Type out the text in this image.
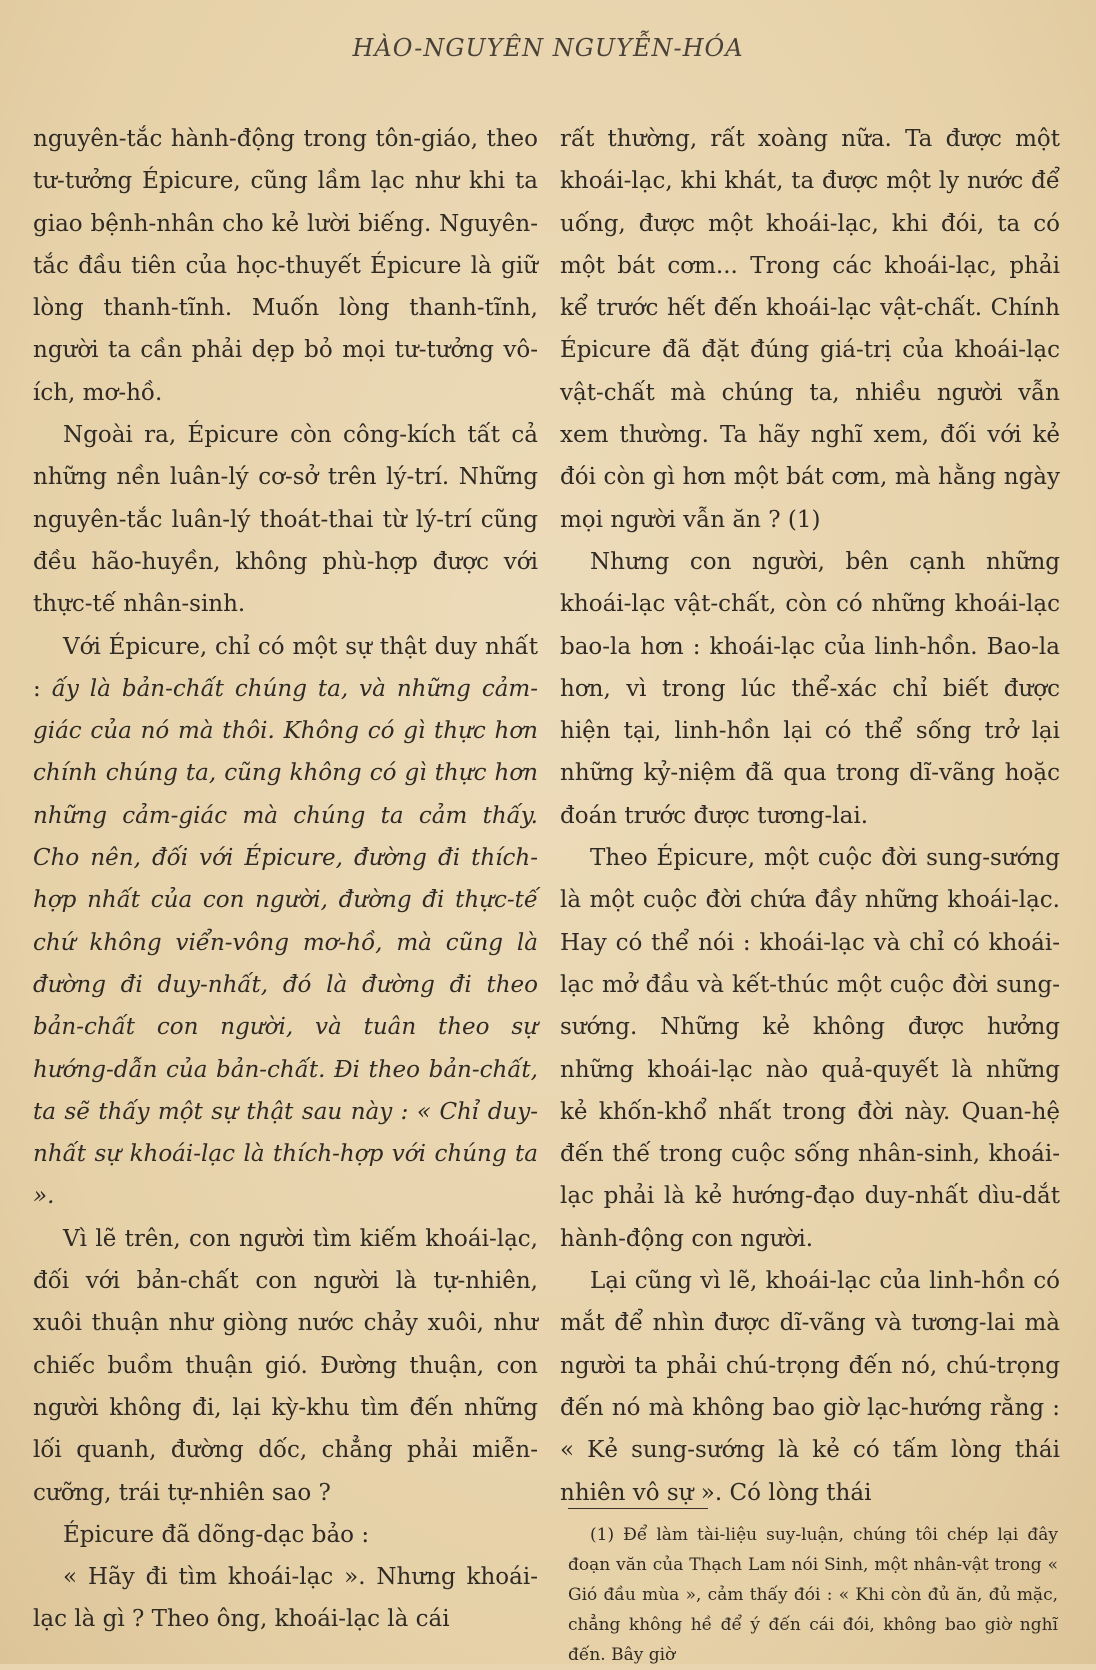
HÀO-NGUYÊN NGUYỄN-HÓA

nguyên-tắc hành-động trong tôn-giáo, theo tư-tưởng Épicure, cũng lầm lạc như khi ta giao bệnh-nhân cho kẻ lười biếng. Nguyên-tắc đầu tiên của học-thuyết Épicure là giữ lòng thanh-tĩnh. Muốn lòng thanh-tĩnh, người ta cần phải dẹp bỏ mọi tư-tưởng vô-ích, mơ-hồ.

Ngoài ra, Épicure còn công-kích tất cả những nền luân-lý cơ-sở trên lý-trí. Những nguyên-tắc luân-lý thoát-thai từ lý-trí cũng đều hão-huyền, không phù-hợp được với thực-tế nhân-sinh.

Với Épicure, chỉ có một sự thật duy nhất : ấy là bản-chất chúng ta, và những cảm-giác của nó mà thôi. Không có gì thực hơn chính chúng ta, cũng không có gì thực hơn những cảm-giác mà chúng ta cảm thấy. Cho nên, đối với Épicure, đường đi thích-hợp nhất của con người, đường đi thực-tế chứ không viển-vông mơ-hồ, mà cũng là đường đi duy-nhất, đó là đường đi theo bản-chất con người, và tuân theo sự hướng-dẫn của bản-chất. Đi theo bản-chất, ta sẽ thấy một sự thật sau này : « Chỉ duy-nhất sự khoái-lạc là thích-hợp với chúng ta ».

Vì lẽ trên, con người tìm kiếm khoái-lạc, đối với bản-chất con người là tự-nhiên, xuôi thuận như giòng nước chảy xuôi, như chiếc buồm thuận gió. Đường thuận, con người không đi, lại kỳ-khu tìm đến những lối quanh, đường dốc, chẳng phải miễn-cưỡng, trái tự-nhiên sao ?

Épicure đã dõng-dạc bảo :

« Hãy đi tìm khoái-lạc ». Nhưng khoái-lạc là gì ? Theo ông, khoái-lạc là cái

rất thường, rất xoàng nữa. Ta được một khoái-lạc, khi khát, ta được một ly nước để uống, được một khoái-lạc, khi đói, ta có một bát cơm... Trong các khoái-lạc, phải kể trước hết đến khoái-lạc vật-chất. Chính Épicure đã đặt đúng giá-trị của khoái-lạc vật-chất mà chúng ta, nhiều người vẫn xem thường. Ta hãy nghĩ xem, đối với kẻ đói còn gì hơn một bát cơm, mà hằng ngày mọi người vẫn ăn ? (1)

Nhưng con người, bên cạnh những khoái-lạc vật-chất, còn có những khoái-lạc bao-la hơn : khoái-lạc của linh-hồn. Bao-la hơn, vì trong lúc thể-xác chỉ biết được hiện tại, linh-hồn lại có thể sống trở lại những kỷ-niệm đã qua trong dĩ-vãng hoặc đoán trước được tương-lai.

Theo Épicure, một cuộc đời sung-sướng là một cuộc đời chứa đầy những khoái-lạc. Hay có thể nói : khoái-lạc và chỉ có khoái-lạc mở đầu và kết-thúc một cuộc đời sung-sướng. Những kẻ không được hưởng những khoái-lạc nào quả-quyết là những kẻ khốn-khổ nhất trong đời này. Quan-hệ đến thế trong cuộc sống nhân-sinh, khoái-lạc phải là kẻ hướng-đạo duy-nhất dìu-dắt hành-động con người.

Lại cũng vì lẽ, khoái-lạc của linh-hồn có mắt để nhìn được dĩ-vãng và tương-lai mà người ta phải chú-trọng đến nó, chú-trọng đến nó mà không bao giờ lạc-hướng rằng : « Kẻ sung-sướng là kẻ có tấm lòng thái nhiên vô sự ». Có lòng thái

(1) Để làm tài-liệu suy-luận, chúng tôi chép lại đây đoạn văn của Thạch Lam nói Sinh, một nhân-vật trong « Gió đầu mùa », cảm thấy đói : « Khi còn đủ ăn, đủ mặc, chẳng không hề để ý đến cái đói, không bao giờ nghĩ đến. Bây giờ
